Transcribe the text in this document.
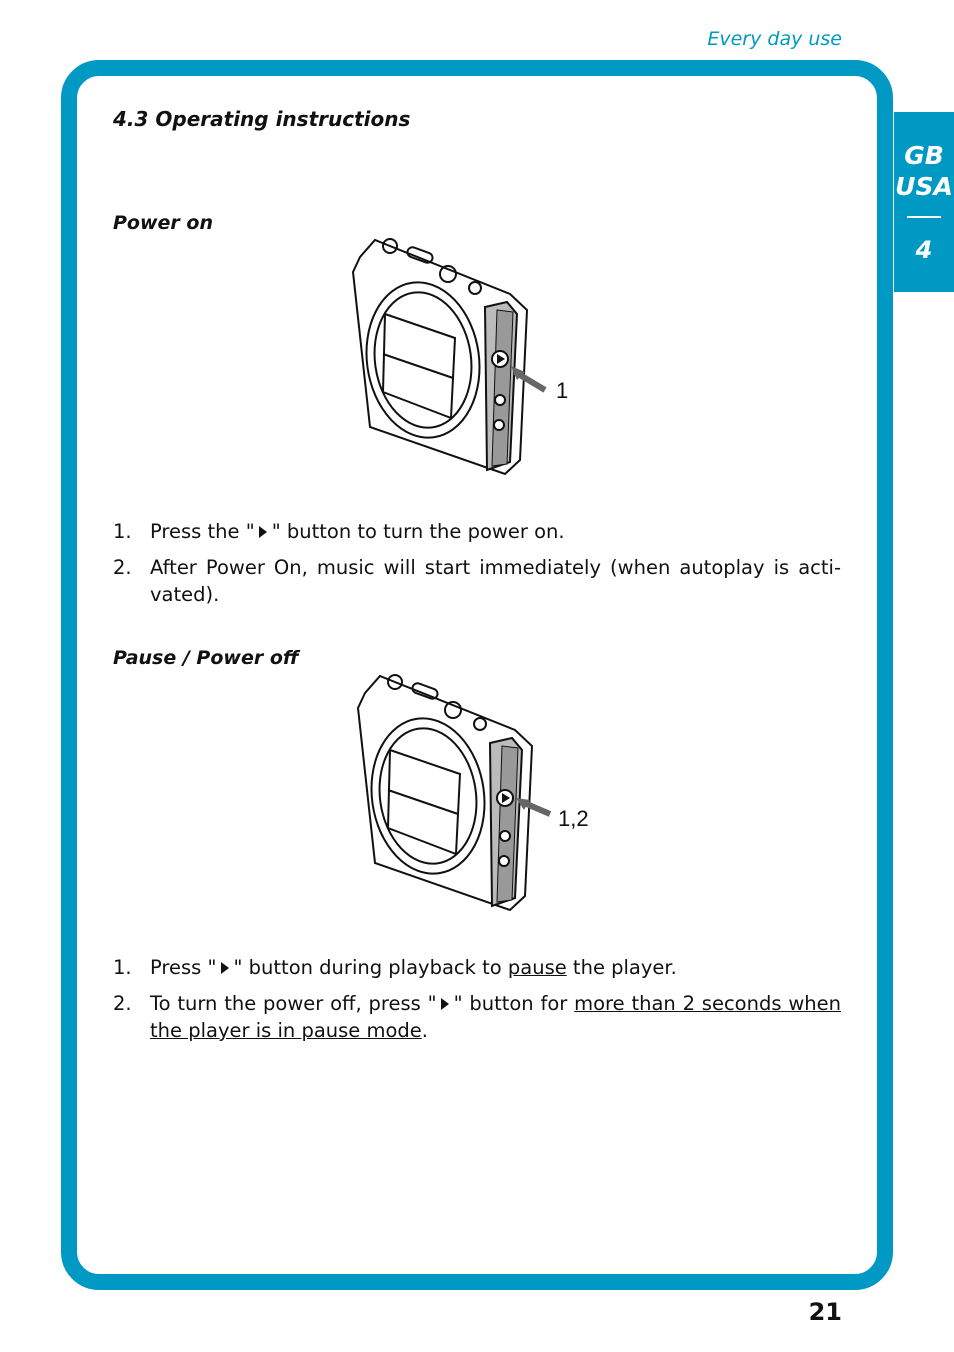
Every day use
GB
USA
4
4.3 Operating instructions
Power on
1
1. Press the " " button to turn the power on.
2. After Power On, music will start immediately (when autoplay is acti-vated).
Pause / Power off
1,2
1. Press " " button during playback to pause the player.
2. To turn the power off, press " " button for more than 2 seconds when the player is in pause mode.
21
